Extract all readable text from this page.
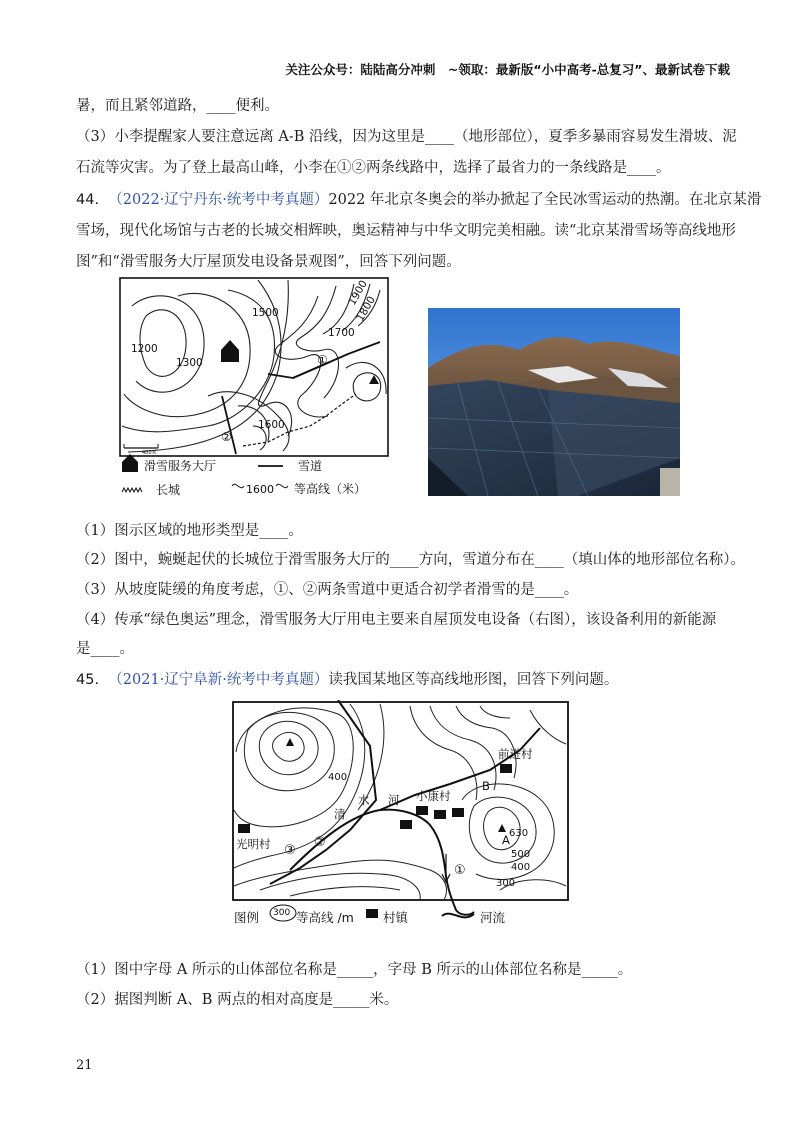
关注公众号：陆陆高分冲刺　~领取：最新版“小中高考-总复习”、最新试卷下载
暑，而且紧邻道路，____便利。
（3）小李提醒家人要注意远离 A-B 沿线，因为这里是____（地形部位），夏季多暴雨容易发生滑坡、泥
石流等灾害。为了登上最高山峰，小李在①②两条线路中，选择了最省力的一条线路是____。
44. （2022·辽宁丹东·统考中考真题）2022 年北京冬奥会的举办掀起了全民冰雪运动的热潮。在北京某滑
雪场，现代化场馆与古老的长城交相辉映，奥运精神与中华文明完美相融。读“北京某滑雪场等高线地形
图”和“滑雪服务大厅屋顶发电设备景观图”，回答下列问题。
1900
1800
1700
1500
1200
1300
1600
①
②
400米
滑雪服务大厅	雪道
长城	1600 等高线（米）
（1）图示区域的地形类型是____。
（2）图中，蜿蜒起伏的长城位于滑雪服务大厅的____方向，雪道分布在____（填山体的地形部位名称）。
（3）从坡度陡缓的角度考虑，①、②两条雪道中更适合初学者滑雪的是____。
（4）传承“绿色奥运”理念，滑雪服务大厅用电主要来自屋顶发电设备（右图），该设备利用的新能源
是____。
45. （2021·辽宁阜新·统考中考真题）读我国某地区等高线地形图，回答下列问题。
前进村
小康村
光明村
清
水 河
B
A 630
400
500
400
300
①
②
③
图例 300 等高线 /m 村镇	河流
（1）图中字母 A 所示的山体部位名称是_____，字母 B 所示的山体部位名称是_____。
（2）据图判断 A、B 两点的相对高度是_____米。
21
